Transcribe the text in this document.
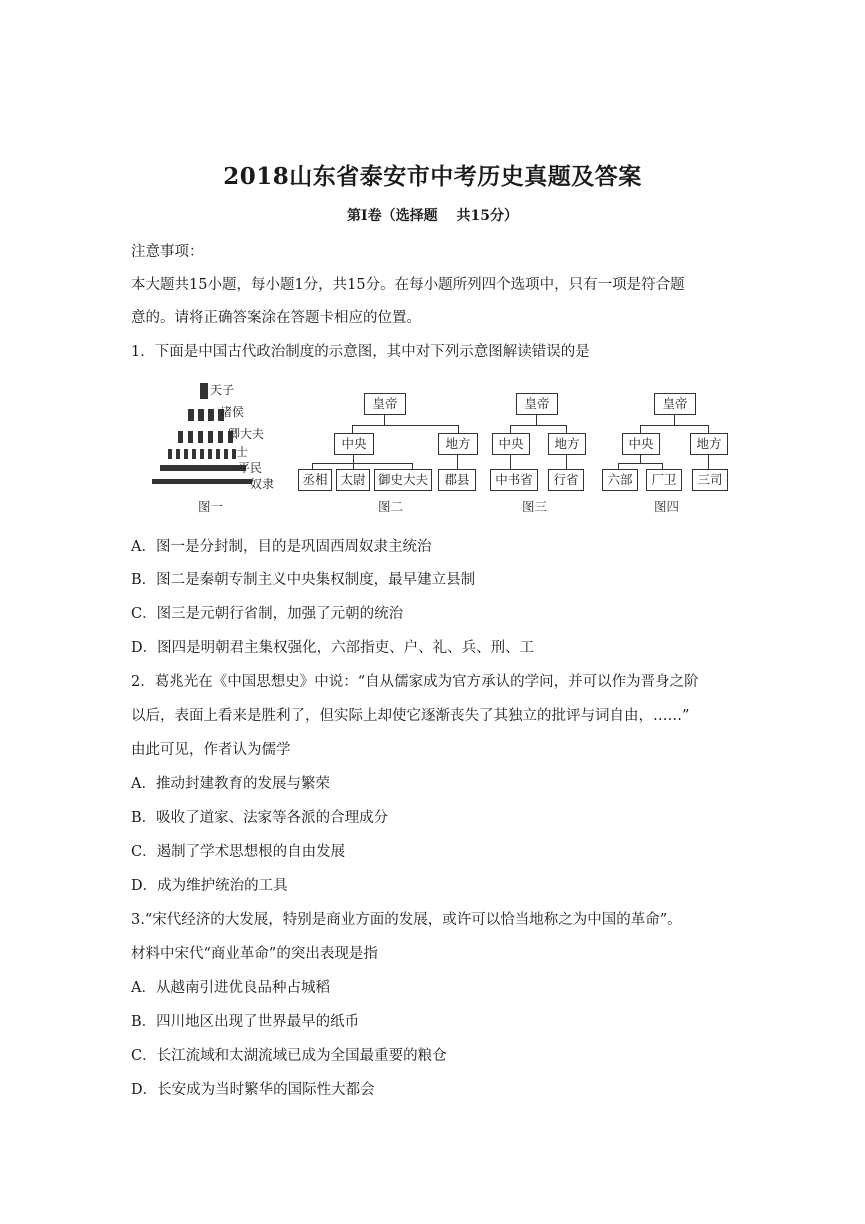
2018山东省泰安市中考历史真题及答案
第Ⅰ卷（选择题　 共15分）
注意事项：
本大题共15小题，每小题1分，共15分。在每小题所列四个选项中，只有一项是符合题
意的。请将正确答案涂在答题卡相应的位置。
1．下面是中国古代政治制度的示意图，其中对下列示意图解读错误的是
天子
诸侯
卿大夫
士
平民
奴隶
图一
皇帝
中央	地方
丞相	太尉 御史大夫	郡县
图二
皇帝
中央	地方
中书省	行省
图三
皇帝
中央	地方
六部	厂卫	三司
图四
A．图一是分封制，目的是巩固西周奴隶主统治
B．图二是秦朝专制主义中央集权制度，最早建立县制
C．图三是元朝行省制，加强了元朝的统治
D．图四是明朝君主集权强化，六部指吏、户、礼、兵、刑、工
2．葛兆光在《中国思想史》中说：“自从儒家成为官方承认的学问，并可以作为晋身之阶
以后，表面上看来是胜利了，但实际上却使它逐渐丧失了其独立的批评与词自由，……”
由此可见，作者认为儒学
A．推动封建教育的发展与繁荣
B．吸收了道家、法家等各派的合理成分
C．遏制了学术思想根的自由发展
D．成为维护统治的工具
3.“宋代经济的大发展，特别是商业方面的发展，或许可以恰当地称之为中国的革命”。
材料中宋代“商业革命”的突出表现是指
A．从越南引进优良品种占城稻
B．四川地区出现了世界最早的纸币
C．长江流域和太湖流域已成为全国最重要的粮仓
D．长安成为当时繁华的国际性大都会
